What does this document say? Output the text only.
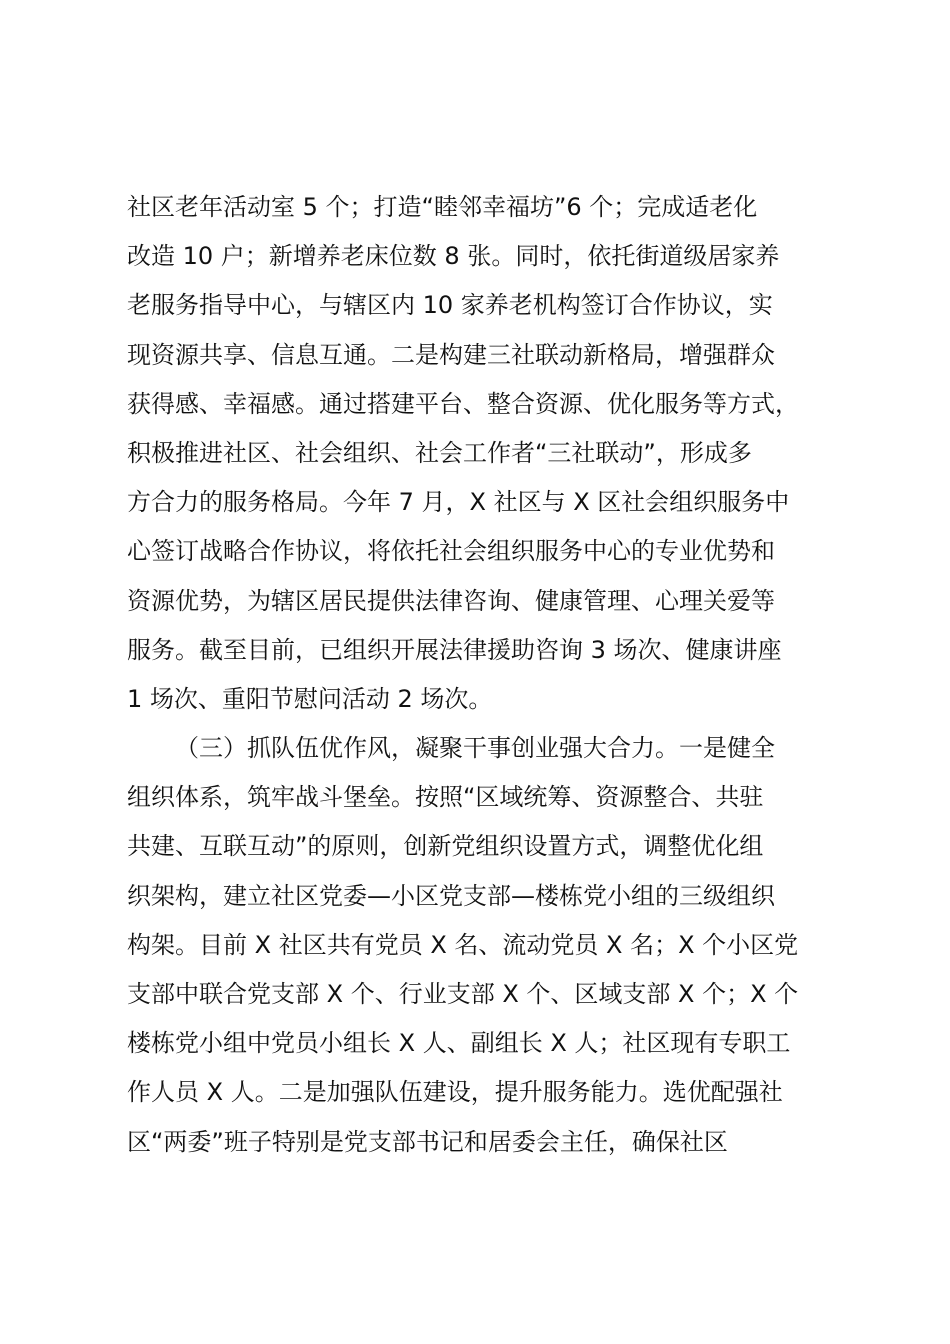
社区老年活动室 5 个；打造“睦邻幸福坊”6 个；完成适老化
改造 10 户；新增养老床位数 8 张。同时，依托街道级居家养
老服务指导中心，与辖区内 10 家养老机构签订合作协议，实
现资源共享、信息互通。二是构建三社联动新格局，增强群众
获得感、幸福感。通过搭建平台、整合资源、优化服务等方式，
积极推进社区、社会组织、社会工作者“三社联动”，形成多
方合力的服务格局。今年 7 月，X 社区与 X 区社会组织服务中
心签订战略合作协议，将依托社会组织服务中心的专业优势和
资源优势，为辖区居民提供法律咨询、健康管理、心理关爱等
服务。截至目前，已组织开展法律援助咨询 3 场次、健康讲座
1 场次、重阳节慰问活动 2 场次。
（三）抓队伍优作风，凝聚干事创业强大合力。一是健全
组织体系，筑牢战斗堡垒。按照“区域统筹、资源整合、共驻
共建、互联互动”的原则，创新党组织设置方式，调整优化组
织架构，建立社区党委—小区党支部—楼栋党小组的三级组织
构架。目前 X 社区共有党员 X 名、流动党员 X 名；X 个小区党
支部中联合党支部 X 个、行业支部 X 个、区域支部 X 个；X 个
楼栋党小组中党员小组长 X 人、副组长 X 人；社区现有专职工
作人员 X 人。二是加强队伍建设，提升服务能力。选优配强社
区“两委”班子特别是党支部书记和居委会主任，确保社区
